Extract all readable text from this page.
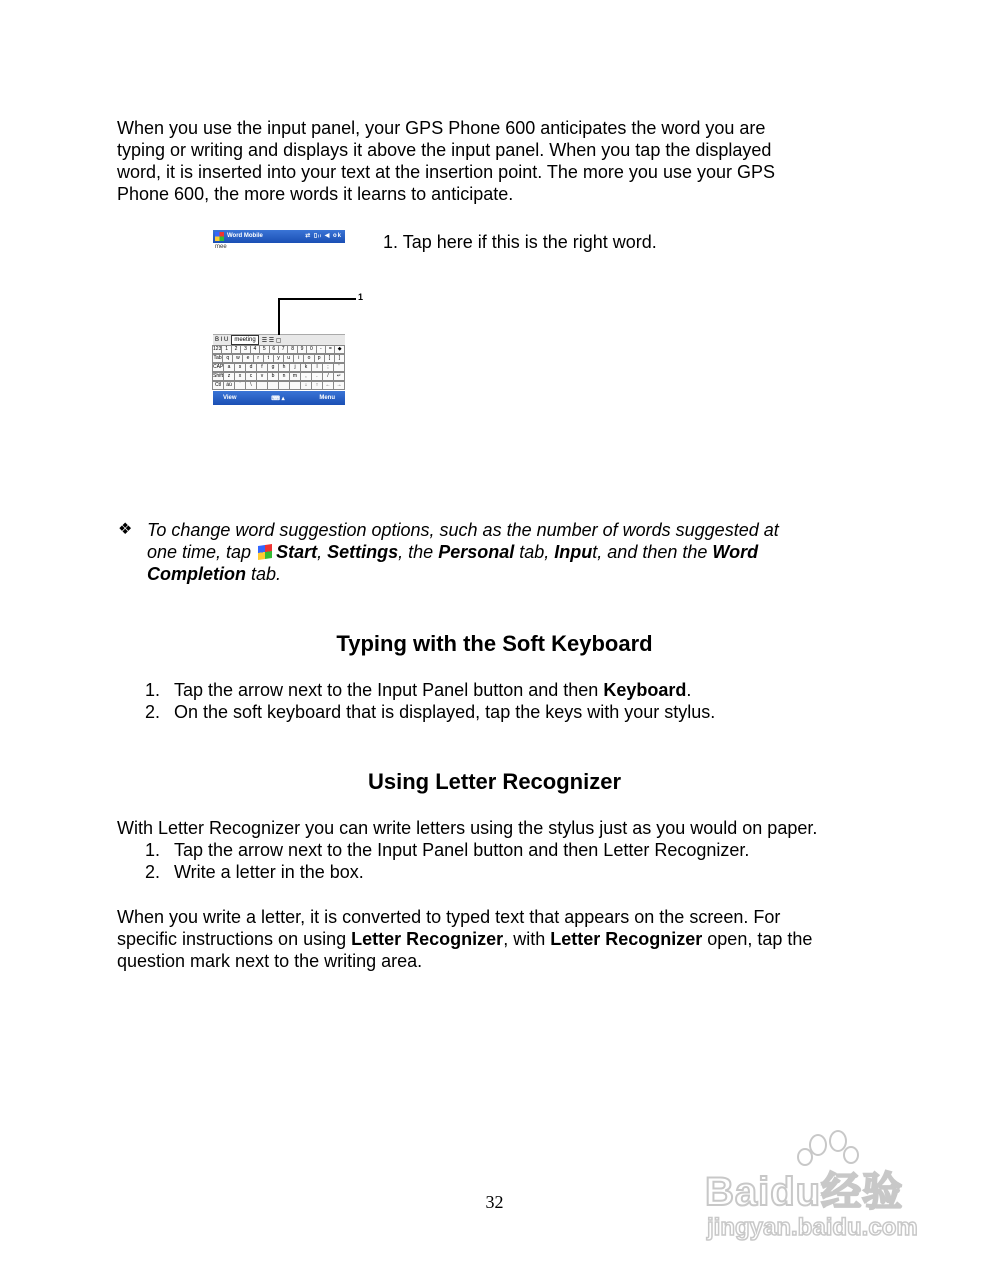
When you use the input panel, your GPS Phone 600 anticipates the word you are
typing or writing and displays it above the input panel. When you tap the displayed
word, it is inserted into your text at the insertion point. The more you use your GPS
Phone 600, the more words it learns to anticipate.
Word Mobile	⇄ ▯ᵢₗ ◀ ok
mee
B I U	meeting	☰ ☰ ▢
123 1	2	3	4	5	6	7	8	9	0	-	=	◆
Tab q	w	e	r	t	y	u	i	o	p	[	]
CAP a	s	d	f	g	h	j	k	l	;	'
Shift z	x	c	v	b	n	m	,	.	/	↵
Ctl	áü	`	\	↓	↑	←	→
View	⌨ ▴	Menu
1
1. Tap here if this is the right word.
❖ To change word suggestion options, such as the number of words suggested at
one time, tap Start, Settings, the Personal tab, Input, and then the Word
Completion tab.
Typing with the Soft Keyboard
1. Tap the arrow next to the Input Panel button and then Keyboard.
2. On the soft keyboard that is displayed, tap the keys with your stylus.
Using Letter Recognizer
With Letter Recognizer you can write letters using the stylus just as you would on paper.
1. Tap the arrow next to the Input Panel button and then Letter Recognizer.
2. Write a letter in the box.
When you write a letter, it is converted to typed text that appears on the screen. For
specific instructions on using Letter Recognizer, with Letter Recognizer open, tap the
question mark next to the writing area.
32	Baidu经验
jingyan.baidu.com
